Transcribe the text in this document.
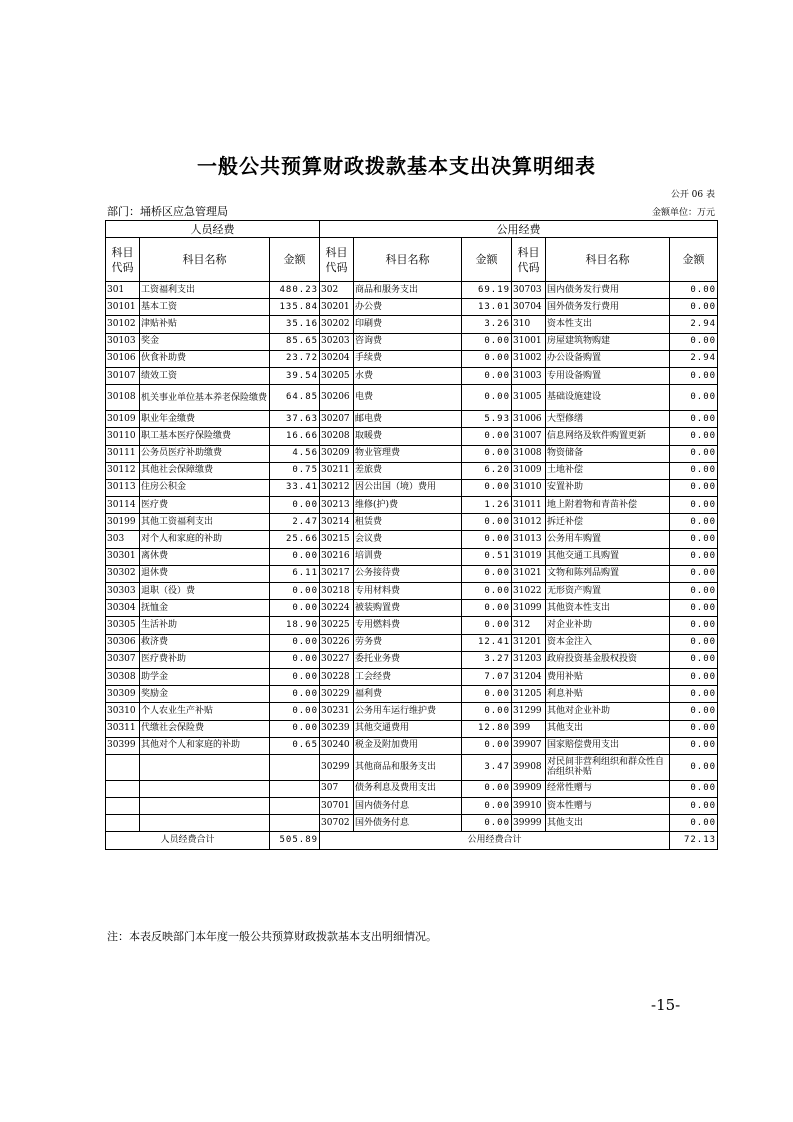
一般公共预算财政拨款基本支出决算明细表
公开 06 表
部门：埇桥区应急管理局	金额单位：万元
人员经费			公用经费					
科目代码	科目名称	金额	科目代码	科目名称	金额	科目代码	科目名称	金额
301	工资福利支出	480.23	302	商品和服务支出	69.19	30703	国内债务发行费用	0.00
30101	基本工资	135.84	30201	办公费	13.01	30704	国外债务发行费用	0.00
30102	津贴补贴	35.16	30202	印刷费	3.26	310	资本性支出	2.94
30103	奖金	85.65	30203	咨询费	0.00	31001	房屋建筑物购建	0.00
30106	伙食补助费	23.72	30204	手续费	0.00	31002	办公设备购置	2.94
30107	绩效工资	39.54	30205	水费	0.00	31003	专用设备购置	0.00
30108	机关事业单位基本养老保险缴费	64.85	30206	电费	0.00	31005	基础设施建设	0.00
30109	职业年金缴费	37.63	30207	邮电费	5.93	31006	大型修缮	0.00
30110	职工基本医疗保险缴费	16.66	30208	取暖费	0.00	31007	信息网络及软件购置更新	0.00
30111	公务员医疗补助缴费	4.56	30209	物业管理费	0.00	31008	物资储备	0.00
30112	其他社会保障缴费	0.75	30211	差旅费	6.20	31009	土地补偿	0.00
30113	住房公积金	33.41	30212	因公出国（境）费用	0.00	31010	安置补助	0.00
30114	医疗费	0.00	30213	维修(护)费	1.26	31011	地上附着物和青苗补偿	0.00
30199	其他工资福利支出	2.47	30214	租赁费	0.00	31012	拆迁补偿	0.00
303	对个人和家庭的补助	25.66	30215	会议费	0.00	31013	公务用车购置	0.00
30301	离休费	0.00	30216	培训费	0.51	31019	其他交通工具购置	0.00
30302	退休费	6.11	30217	公务接待费	0.00	31021	文物和陈列品购置	0.00
30303	退职（役）费	0.00	30218	专用材料费	0.00	31022	无形资产购置	0.00
30304	抚恤金	0.00	30224	被装购置费	0.00	31099	其他资本性支出	0.00
30305	生活补助	18.90	30225	专用燃料费	0.00	312	对企业补助	0.00
30306	救济费	0.00	30226	劳务费	12.41	31201	资本金注入	0.00
30307	医疗费补助	0.00	30227	委托业务费	3.27	31203	政府投资基金股权投资	0.00
30308	助学金	0.00	30228	工会经费	7.07	31204	费用补贴	0.00
30309	奖励金	0.00	30229	福利费	0.00	31205	利息补贴	0.00
30310	个人农业生产补贴	0.00	30231	公务用车运行维护费	0.00	31299	其他对企业补助	0.00
30311	代缴社会保险费	0.00	30239	其他交通费用	12.80	399	其他支出	0.00
30399	其他对个人和家庭的补助	0.65	30240	税金及附加费用	0.00	39907	国家赔偿费用支出	0.00
			30299	其他商品和服务支出	3.47	39908	对民间非营利组织和群众性自治组织补贴	0.00
			307	债务利息及费用支出	0.00	39909	经常性赠与	0.00
			30701	国内债务付息	0.00	39910	资本性赠与	0.00
			30702	国外债务付息	0.00	39999	其他支出	0.00
人员经费合计		505.89	公用经费合计					72.13
注：本表反映部门本年度一般公共预算财政拨款基本支出明细情况。
-15-
